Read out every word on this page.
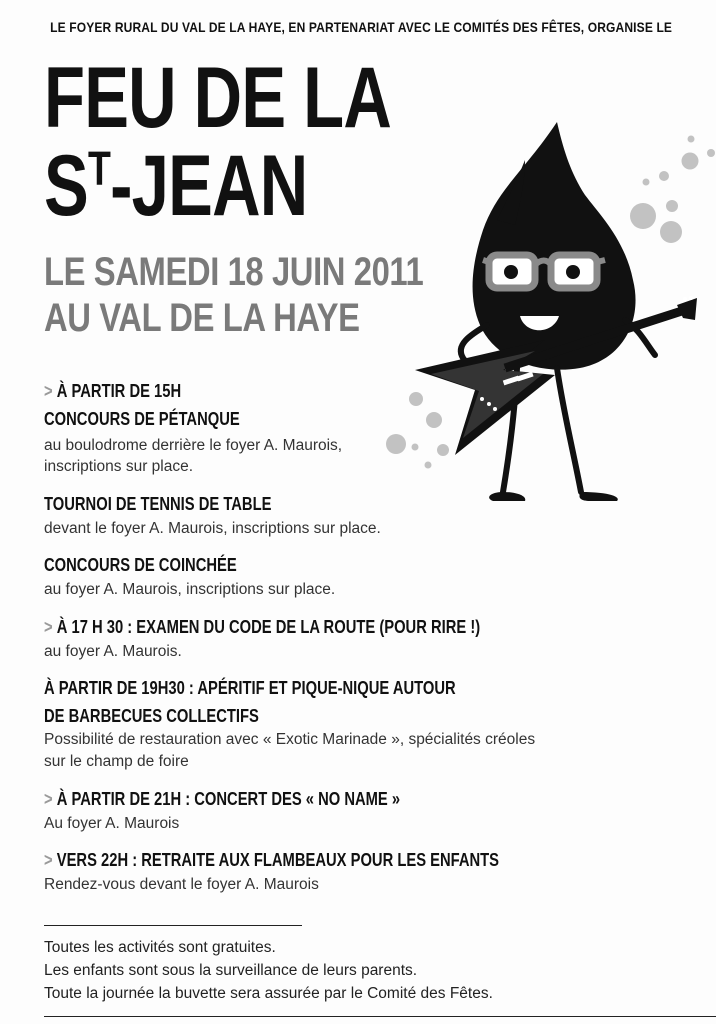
LE FOYER RURAL DU VAL DE LA HAYE, EN PARTENARIAT AVEC LE COMITÉS DES FÊTES, ORGANISE LE
FEU DE LA
$S^T$-JEAN
LE SAMEDI 18 JUIN 2011
AU VAL DE LA HAYE
> À PARTIR DE 15H
CONCOURS DE PÉTANQUE
au boulodrome derrière le foyer A. Maurois,
inscriptions sur place.
TOURNOI DE TENNIS DE TABLE
devant le foyer A. Maurois, inscriptions sur place.
CONCOURS DE COINCHÉE
au foyer A. Maurois, inscriptions sur place.
> À 17 H 30 : EXAMEN DU CODE DE LA ROUTE (POUR RIRE !)
au foyer A. Maurois.
À PARTIR DE 19H30 : APÉRITIF ET PIQUE-NIQUE AUTOUR
DE BARBECUES COLLECTIFS
Possibilité de restauration avec « Exotic Marinade », spécialités créoles
sur le champ de foire
> À PARTIR DE 21H : CONCERT DES « NO NAME »
Au foyer A. Maurois
> VERS 22H : RETRAITE AUX FLAMBEAUX POUR LES ENFANTS
Rendez-vous devant le foyer A. Maurois
Toutes les activités sont gratuites.
Les enfants sont sous la surveillance de leurs parents.
Toute la journée la buvette sera assurée par le Comité des Fêtes.
